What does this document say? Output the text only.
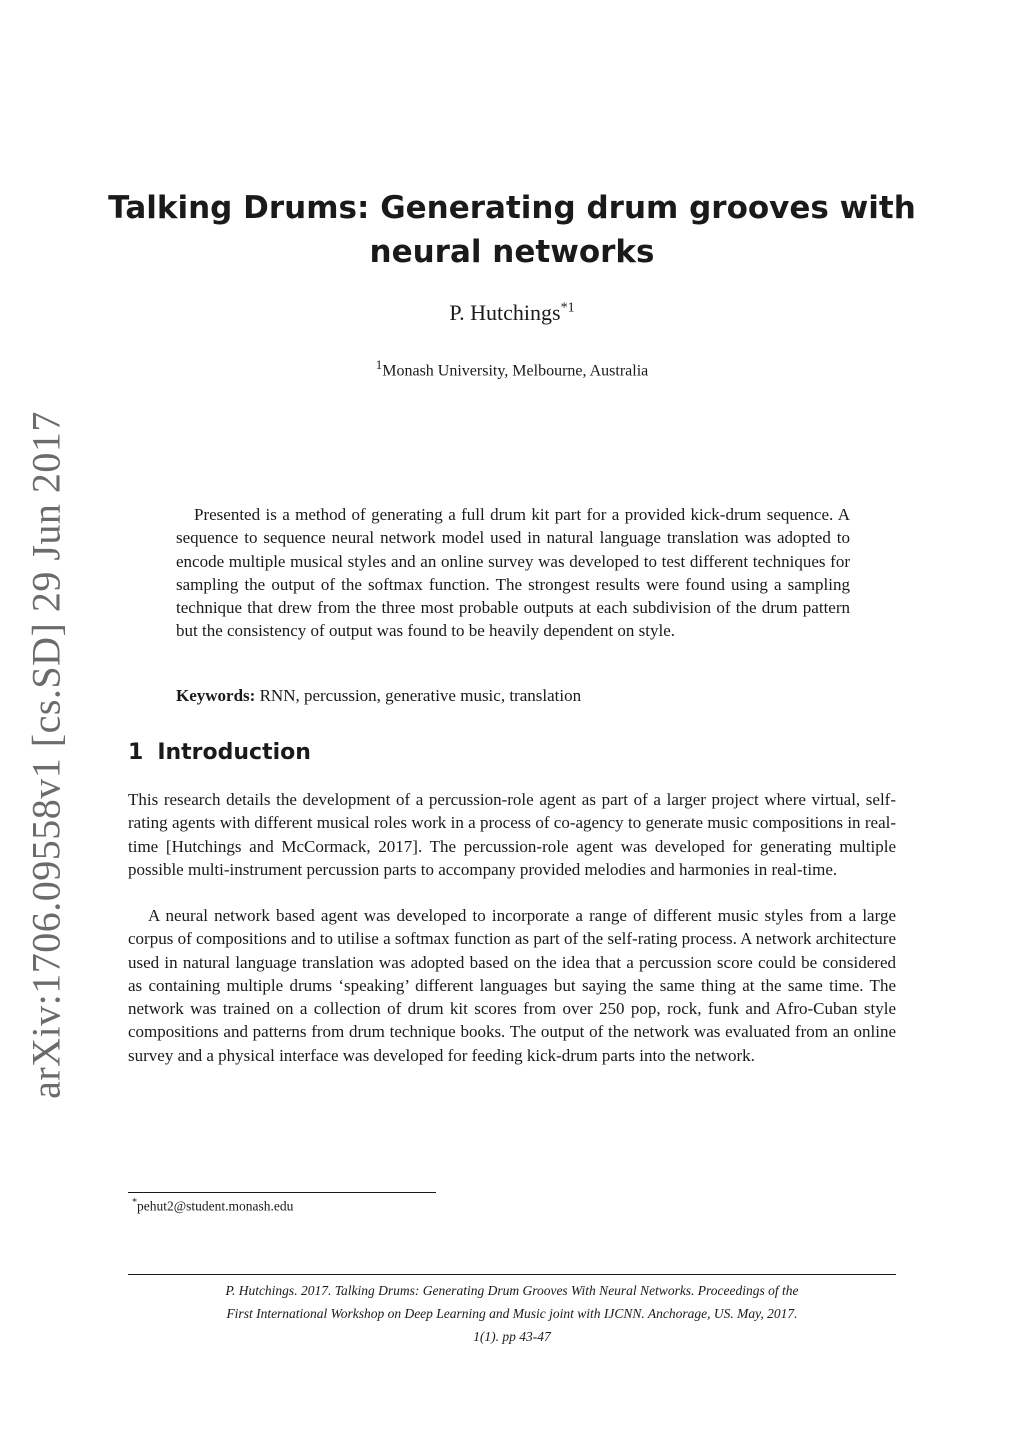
arXiv:1706.09558v1 [cs.SD] 29 Jun 2017
Talking Drums: Generating drum grooves with neural networks
P. Hutchings$^{*1}$
$^1$Monash University, Melbourne, Australia

Presented is a method of generating a full drum kit part for a provided kick-drum sequence. A sequence to sequence neural network model used in natural language translation was adopted to encode multiple musical styles and an online survey was developed to test different techniques for sampling the output of the softmax function. The strongest results were found using a sampling technique that drew from the three most probable outputs at each subdivision of the drum pattern but the consistency of output was found to be heavily dependent on style.

Keywords: RNN, percussion, generative music, translation

1 Introduction

This research details the development of a percussion-role agent as part of a larger project where virtual, self-rating agents with different musical roles work in a process of co-agency to generate music compositions in real-time [Hutchings and McCormack, 2017]. The percussion-role agent was developed for generating multiple possible multi-instrument percussion parts to accompany provided melodies and harmonies in real-time.

A neural network based agent was developed to incorporate a range of different music styles from a large corpus of compositions and to utilise a softmax function as part of the self-rating process. A network architecture used in natural language translation was adopted based on the idea that a percussion score could be considered as containing multiple drums ‘speaking’ different languages but saying the same thing at the same time. The network was trained on a collection of drum kit scores from over 250 pop, rock, funk and Afro-Cuban style compositions and patterns from drum technique books. The output of the network was evaluated from an online survey and a physical interface was developed for feeding kick-drum parts into the network.

*pehut2@student.monash.edu
P. Hutchings. 2017. Talking Drums: Generating Drum Grooves With Neural Networks. Proceedings of the
First International Workshop on Deep Learning and Music joint with IJCNN. Anchorage, US. May, 2017.
1(1). pp 43-47
